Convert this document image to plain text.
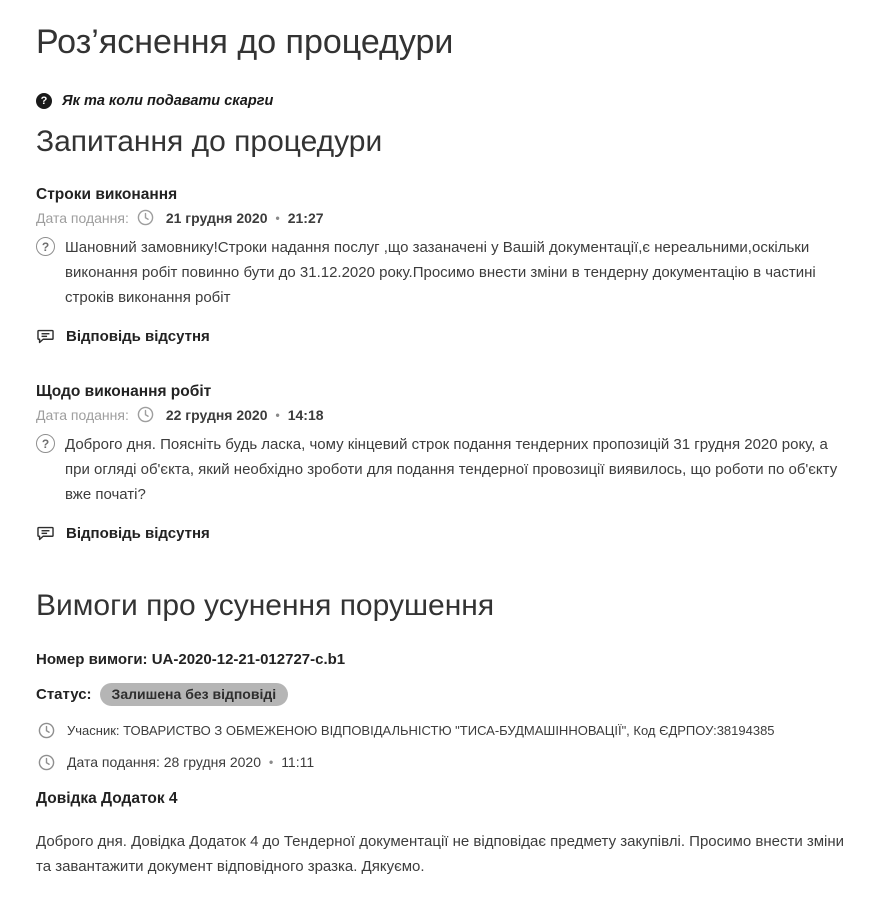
Роз’яснення до процедури
?	Як та коли подавати скарги
Запитання до процедури
Строки виконання
Дата подання:	21 грудня 2020 • 21:27
?	Шановний замовнику!Строки надання послуг ,що зазаначені у Вашій документації,є нереальними,оскільки виконання робіт повинно бути до 31.12.2020 року.Просимо внести зміни в тендерну документацію в частині строків виконання робіт
Відповідь відсутня
Щодо виконання робіт
Дата подання:	22 грудня 2020 • 14:18
?	Доброго дня. Поясніть будь ласка, чому кінцевий строк подання тендерних пропозицій 31 грудня 2020 року, а при огляді об'єкта, який необхідно зроботи для подання тендерної провозиції виявилось, що роботи по об'єкту вже початі?
Відповідь відсутня
Вимоги про усунення порушення
Номер вимоги: UA-2020-12-21-012727-c.b1
Статус:	Залишена без відповіді
Учасник: ТОВАРИСТВО З ОБМЕЖЕНОЮ ВІДПОВІДАЛЬНІСТЮ "ТИСА-БУДМАШІННОВАЦІЇ", Код ЄДРПОУ:38194385
Дата подання:
28 грудня 2020 • 11:11
Довідка Додаток 4
Доброго дня. Довідка Додаток 4 до Тендерної документації не відповідає предмету закупівлі. Просимо внести зміни та завантажити документ відповідного зразка. Дякуємо.
